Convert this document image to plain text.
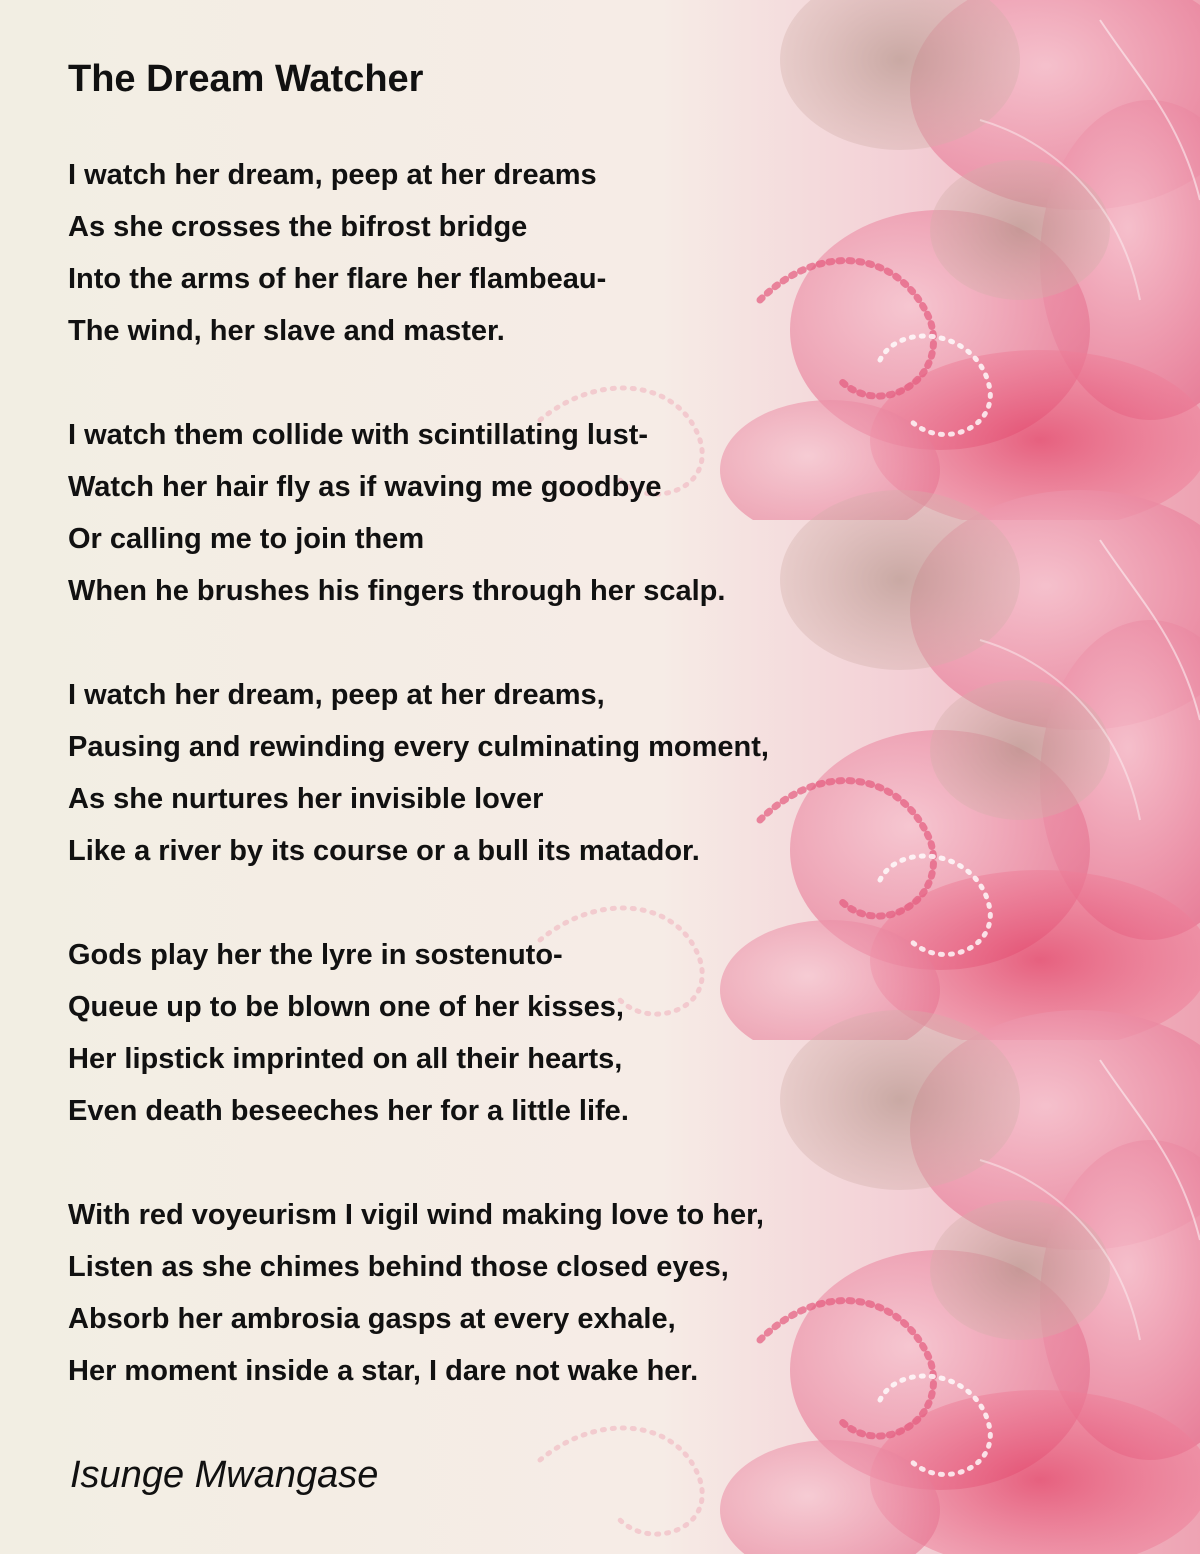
The Dream Watcher
I watch her dream, peep at her dreams
As she crosses the bifrost bridge
Into the arms of her flare her flambeau-
The wind, her slave and master.
I watch them collide with scintillating lust-
Watch her hair fly as if waving me goodbye
Or calling me to join them
When he brushes his fingers through her scalp.
I watch her dream, peep at her dreams,
Pausing and rewinding every culminating moment,
As she nurtures her invisible lover
Like a river by its course or a bull its matador.
Gods play her the lyre in sostenuto-
Queue up to be blown one of her kisses,
Her lipstick imprinted on all their hearts,
Even death beseeches her for a little life.
With red voyeurism I vigil wind making love to her,
Listen as she chimes behind those closed eyes,
Absorb her ambrosia gasps at every exhale,
Her moment inside a star, I dare not wake her.
Isunge Mwangase
